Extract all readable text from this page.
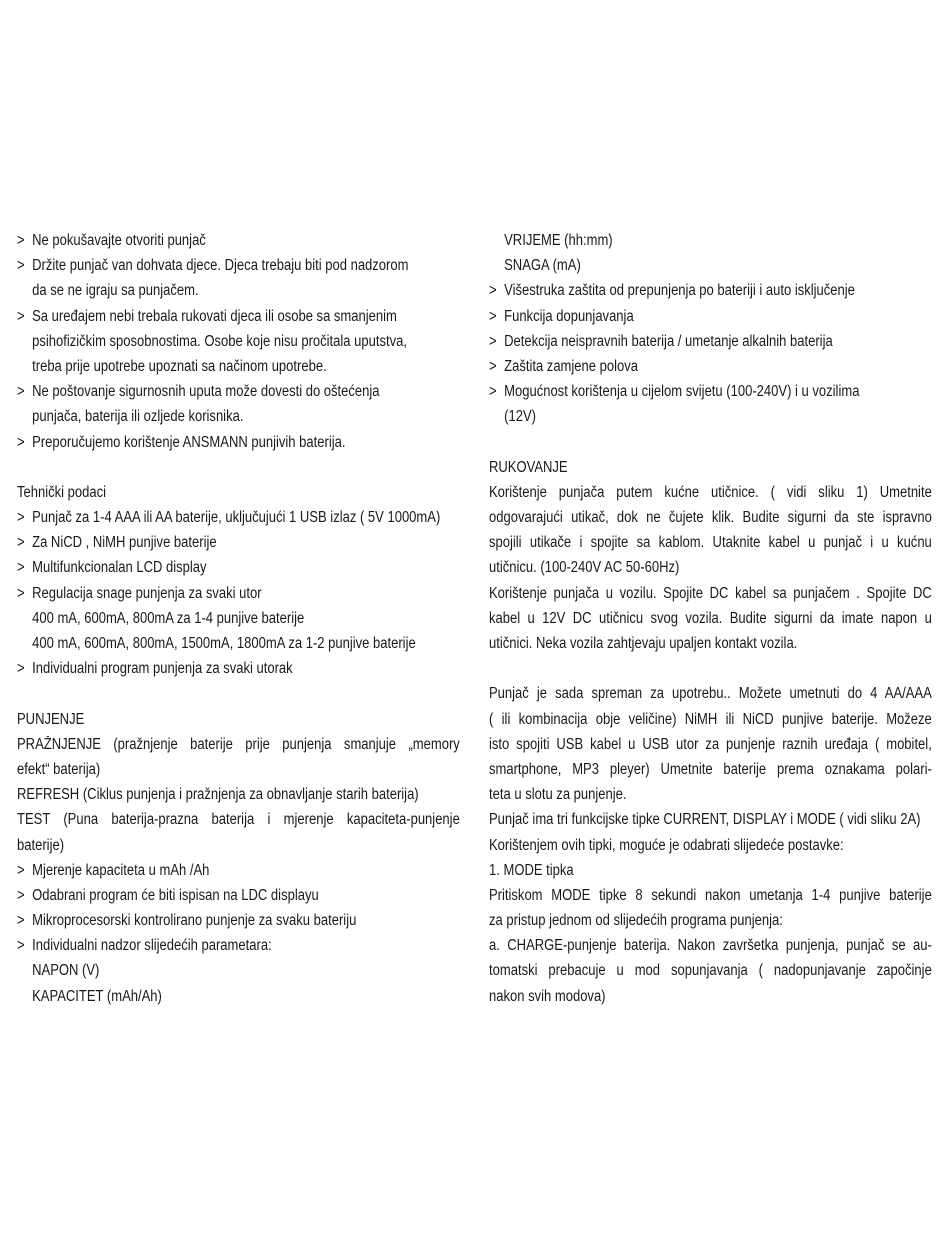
> Ne pokušavajte otvoriti punjač
> Držite punjač van dohvata djece. Djeca trebaju biti pod nadzorom
da se ne igraju sa punjačem.
> Sa uređajem nebi trebala rukovati djeca ili osobe sa smanjenim
psihofizičkim sposobnostima. Osobe koje nisu pročitala uputstva,
treba prije upotrebe upoznati sa načinom upotrebe.
> Ne poštovanje sigurnosnih uputa može dovesti do oštećenja
punjača, baterija ili ozljede korisnika.
> Preporučujemo korištenje ANSMANN punjivih baterija.
Tehnički podaci
> Punjač za 1-4 AAA ili AA baterije, uključujući 1 USB izlaz ( 5V 1000mA)
> Za NiCD , NiMH punjive baterije
> Multifunkcionalan LCD display
> Regulacija snage punjenja za svaki utor
400 mA, 600mA, 800mA za 1-4 punjive baterije
400 mA, 600mA, 800mA, 1500mA, 1800mA za 1-2 punjive baterije
> Individualni program punjenja za svaki utorak
PUNJENJE
PRAŽNJENJE (pražnjenje baterije prije punjenja smanjuje „memory
efekt“ baterija)
REFRESH (Ciklus punjenja i pražnjenja za obnavljanje starih baterija)
TEST (Puna baterija-prazna baterija i mjerenje kapaciteta-punjenje
baterije)
> Mjerenje kapaciteta u mAh /Ah
> Odabrani program će biti ispisan na LDC displayu
> Mikroprocesorski kontrolirano punjenje za svaku bateriju
> Individualni nadzor slijedećih parametara:
NAPON (V)
KAPACITET (mAh/Ah)
VRIJEME (hh:mm)
SNAGA (mA)
> Višestruka zaštita od prepunjenja po bateriji i auto isključenje
> Funkcija dopunjavanja
> Detekcija neispravnih baterija / umetanje alkalnih baterija
> Zaštita zamjene polova
> Mogućnost korištenja u cijelom svijetu (100-240V) i u vozilima
(12V)
RUKOVANJE
Korištenje punjača putem kućne utičnice. ( vidi sliku 1) Umetnite
odgovarajući utikač, dok ne čujete klik. Budite sigurni da ste ispravno
spojili utikače i spojite sa kablom. Utaknite kabel u punjač i u kućnu
utičnicu. (100-240V AC 50-60Hz)
Korištenje punjača u vozilu. Spojite DC kabel sa punjačem . Spojite DC
kabel u 12V DC utičnicu svog vozila. Budite sigurni da imate napon u
utičnici. Neka vozila zahtjevaju upaljen kontakt vozila.
Punjač je sada spreman za upotrebu.. Možete umetnuti do 4 AA/AAA
( ili kombinacija obje veličine) NiMH ili NiCD punjive baterije. Možeze
isto spojiti USB kabel u USB utor za punjenje raznih uređaja ( mobitel,
smartphone, MP3 pleyer) Umetnite baterije prema oznakama polari-
teta u slotu za punjenje.
Punjač ima tri funkcijske tipke CURRENT, DISPLAY i MODE ( vidi sliku 2A)
Korištenjem ovih tipki, moguće je odabrati slijedeće postavke:
1. MODE tipka
Pritiskom MODE tipke 8 sekundi nakon umetanja 1-4 punjive baterije
za pristup jednom od slijedećih programa punjenja:
a. CHARGE-punjenje baterija. Nakon završetka punjenja, punjač se au-
tomatski prebacuje u mod sopunjavanja ( nadopunjavanje započinje
nakon svih modova)
